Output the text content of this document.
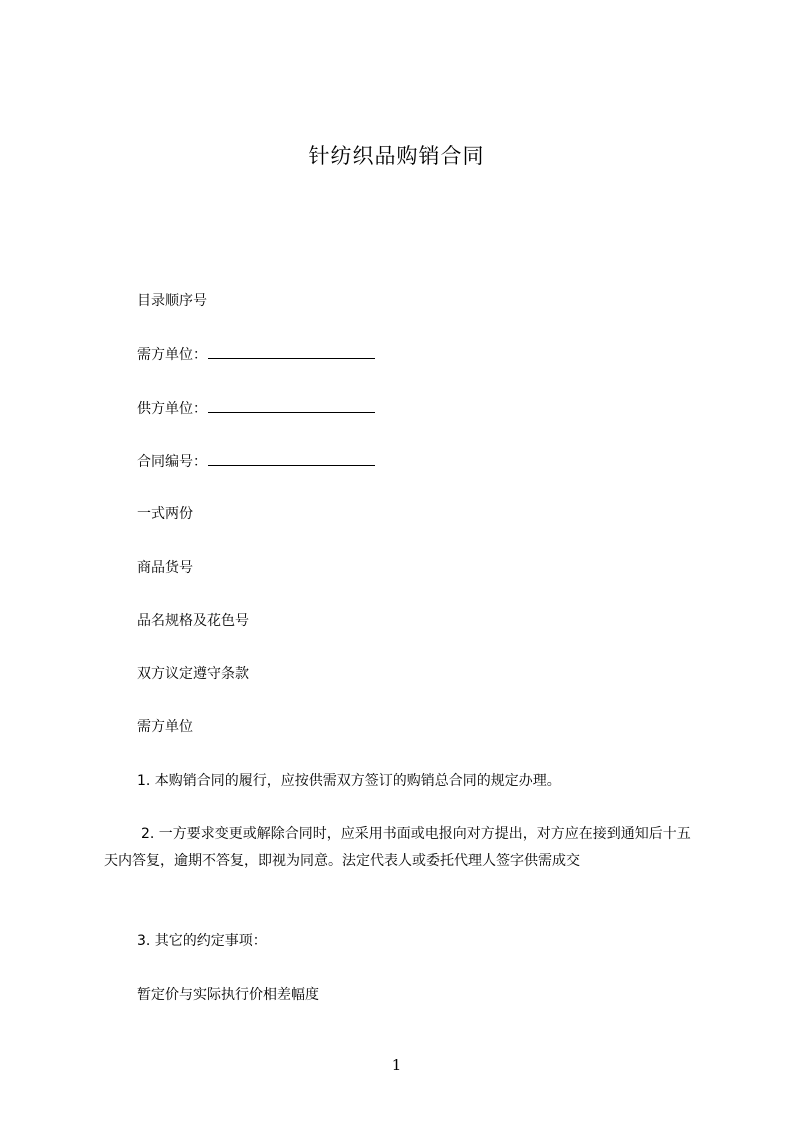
针纺织品购销合同
目录顺序号
需方单位：
供方单位：
合同编号：
一式两份
商品货号
品名规格及花色号
双方议定遵守条款
需方单位
1. 本购销合同的履行，应按供需双方签订的购销总合同的规定办理。
2. 一方要求变更或解除合同时，应采用书面或电报向对方提出，对方应在接到通知后十五天内答复，逾期不答复，即视为同意。法定代表人或委托代理人签字供需成交
3. 其它的约定事项：
暂定价与实际执行价相差幅度
1
